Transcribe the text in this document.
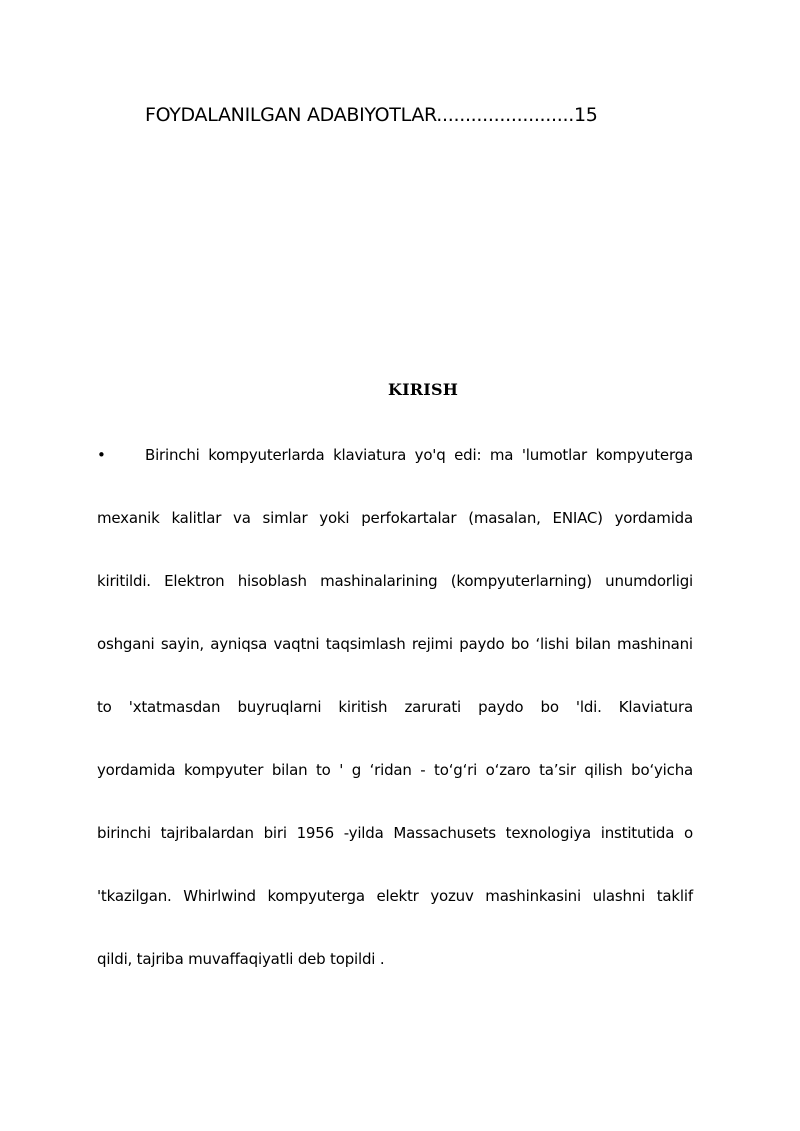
FOYDALANILGAN ADABIYOTLAR........................15
KIRISH
•	Birinchi kompyuterlarda klaviatura yo'q edi: ma 'lumotlar kompyuterga
mexanik kalitlar va simlar yoki perfokartalar (masalan, ENIAC) yordamida
kiritildi. Elektron hisoblash mashinalarining (kompyuterlarning) unumdorligi
oshgani sayin, ayniqsa vaqtni taqsimlash rejimi paydo bo ‘lishi bilan mashinani
to 'xtatmasdan buyruqlarni kiritish zarurati paydo bo 'ldi. Klaviatura
yordamida kompyuter bilan to ' g ‘ridan - to‘g‘ri o‘zaro ta’sir qilish bo‘yicha
birinchi tajribalardan biri 1956 -yilda Massachusets texnologiya institutida o
'tkazilgan. Whirlwind kompyuterga elektr yozuv mashinkasini ulashni taklif
qildi, tajriba muvaffaqiyatli deb topildi .
